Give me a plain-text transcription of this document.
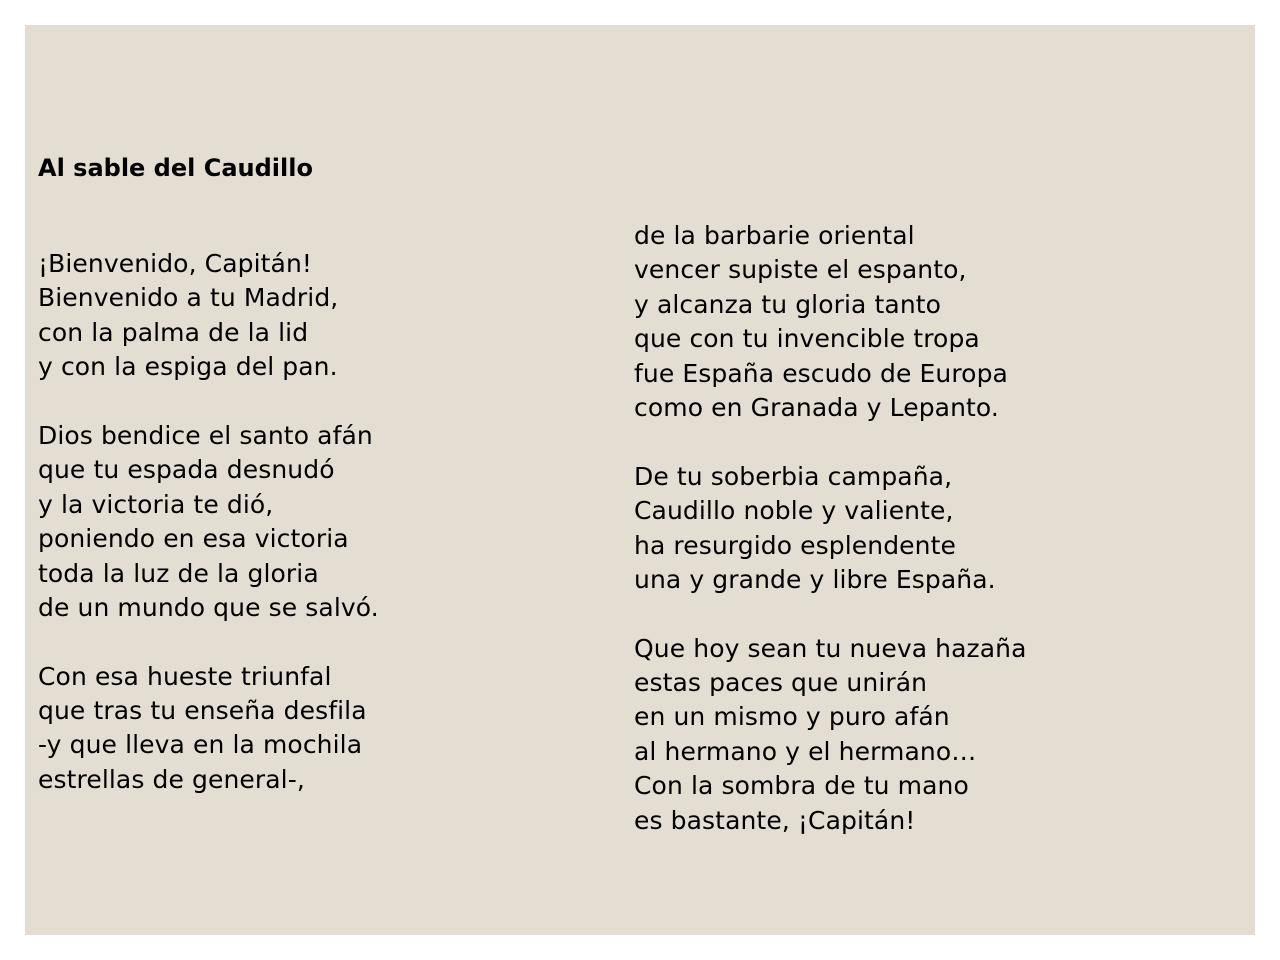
Al sable del Caudillo
¡Bienvenido, Capitán!
Bienvenido a tu Madrid,
con la palma de la lid
y con la espiga del pan.
Dios bendice el santo afán
que tu espada desnudó
y la victoria te dió,
poniendo en esa victoria
toda la luz de la gloria
de un mundo que se salvó.
Con esa hueste triunfal
que tras tu enseña desfila
-y que lleva en la mochila
estrellas de general-,
de la barbarie oriental
vencer supiste el espanto,
y alcanza tu gloria tanto
que con tu invencible tropa
fue España escudo de Europa
como en Granada y Lepanto.
De tu soberbia campaña,
Caudillo noble y valiente,
ha resurgido esplendente
una y grande y libre España.
Que hoy sean tu nueva hazaña
estas paces que unirán
en un mismo y puro afán
al hermano y el hermano…
Con la sombra de tu mano
es bastante, ¡Capitán!
